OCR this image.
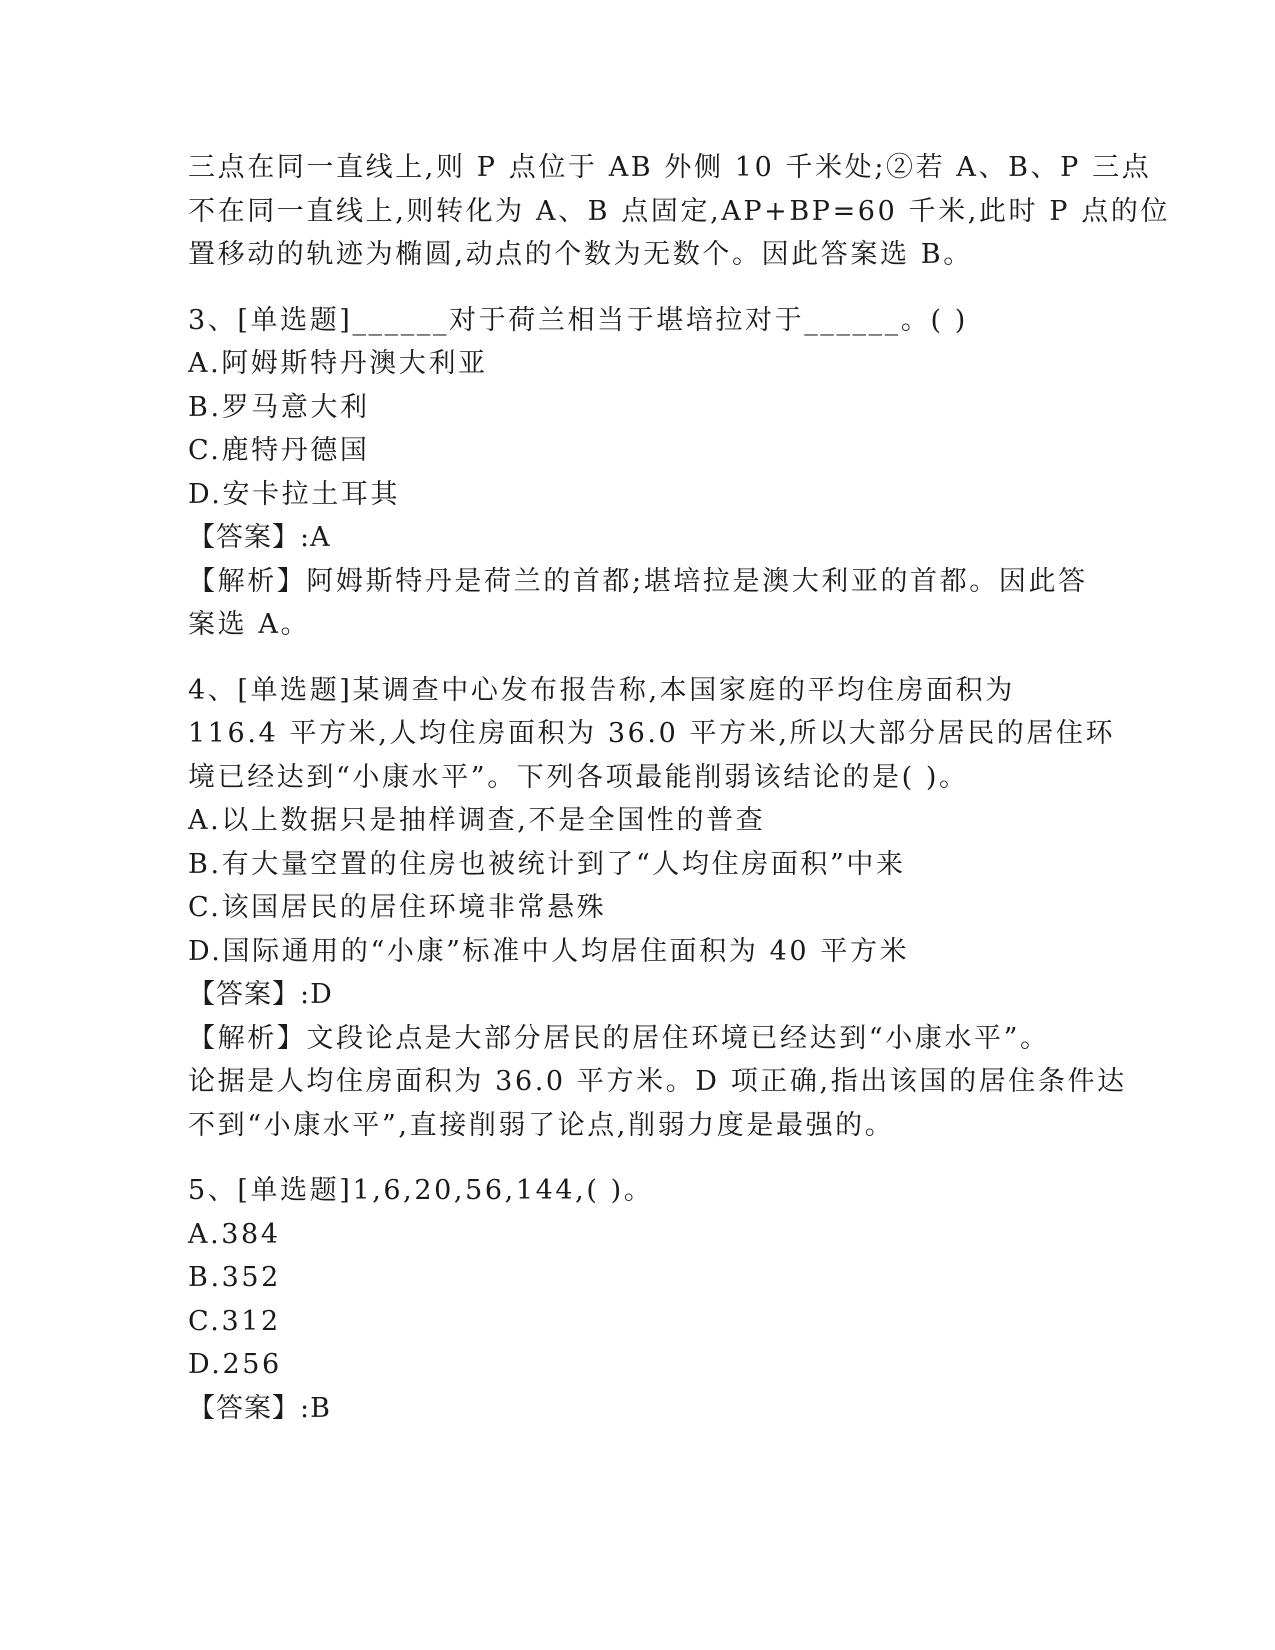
三点在同一直线上,则 P 点位于 AB 外侧 10 千米处;②若 A、B、P 三点
不在同一直线上,则转化为 A、B 点固定,AP+BP=60 千米,此时 P 点的位
置移动的轨迹为椭圆,动点的个数为无数个。因此答案选 B。
3、[单选题]______对于荷兰相当于堪培拉对于______。( )
A.阿姆斯特丹澳大利亚
B.罗马意大利
C.鹿特丹德国
D.安卡拉土耳其
【答案】:A
【解析】阿姆斯特丹是荷兰的首都;堪培拉是澳大利亚的首都。因此答
案选 A。
4、[单选题]某调查中心发布报告称,本国家庭的平均住房面积为
116.4 平方米,人均住房面积为 36.0 平方米,所以大部分居民的居住环
境已经达到“小康水平”。下列各项最能削弱该结论的是( )。
A.以上数据只是抽样调查,不是全国性的普查
B.有大量空置的住房也被统计到了“人均住房面积”中来
C.该国居民的居住环境非常悬殊
D.国际通用的“小康”标准中人均居住面积为 40 平方米
【答案】:D
【解析】文段论点是大部分居民的居住环境已经达到“小康水平”。
论据是人均住房面积为 36.0 平方米。D 项正确,指出该国的居住条件达
不到“小康水平”,直接削弱了论点,削弱力度是最强的。
5、[单选题]1,6,20,56,144,( )。
A.384
B.352
C.312
D.256
【答案】:B
